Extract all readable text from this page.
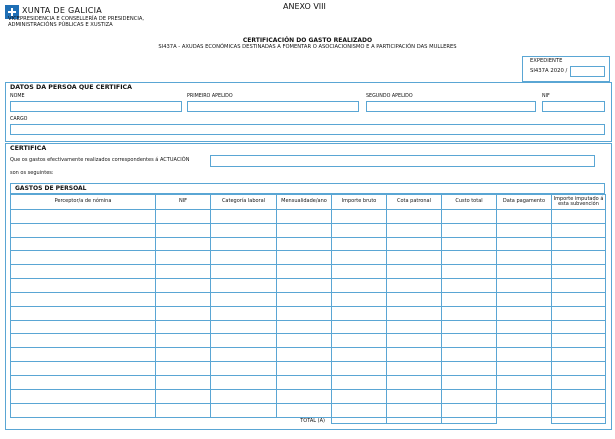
XUNTA DE GALICIA
VICEPRESIDENCIA E CONSELLERÍA DE PRESIDENCIA,
ADMINISTRACIÓNS PÚBLICAS E XUSTIZA
ANEXO VIII
CERTIFICACIÓN DO GASTO REALIZADO
SI437A - AXUDAS ECONÓMICAS DESTINADAS A FOMENTAR O ASOCIACIONISMO E A PARTICIPACIÓN DAS MULLERES
EXPEDIENTE
SI437A 2020 /
DATOS DA PERSOA QUE CERTIFICA
NOME	PRIMEIRO APELIDO	SEGUNDO APELIDO	NIF
CARGO
CERTIFICA
Que os gastos efectivamente realizados correspondentes á ACTUACIÓN
son os seguintes:
GASTOS DE PERSOAL
Perceptor/a de nómina	NIF	Categoría laboral	Mensualidade/ano	Importe bruto	Cota patronal	Custo total	Data pagamento	Importe imputado á esta subvención

TOTAL (A)								
